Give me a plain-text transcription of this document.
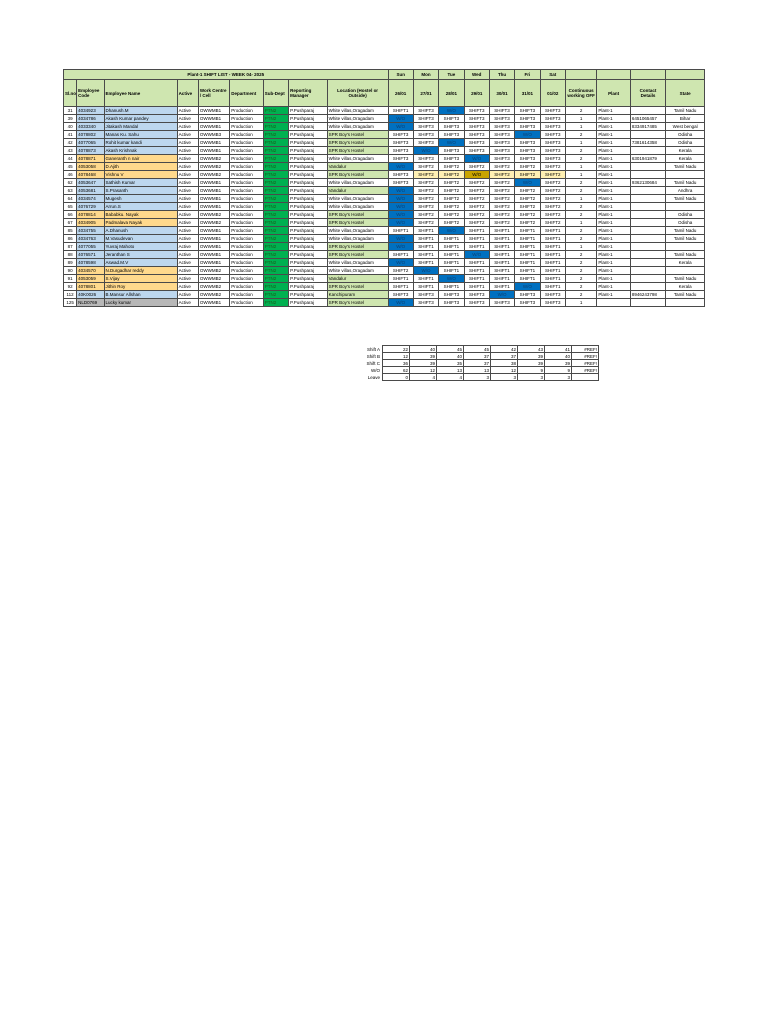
Plant-1 SHIFT LIST - WEEK 04- 2025									Sun	Mon	Tue	Wed	Thu	Fri	Sat				
Sl.no	Employee Code	Employee Name	Active	Work Centre / Cell	Department	Sub-Dept	Reporting Manager	Location (Hostel or Outside)	26/01	27/01	28/01	29/01	30/01	31/01	01/02	Continuous working OFF	Plant	Contact Details	State
31	4034923	Dhanush.M	Active	OWWMB1	Production	PTN2	P.Pushparaj	White villas,Oragadam	SHIFT1	SHIFT3	W/O	SHIFT3	SHIFT3	SHIFT3	SHIFT3	2	Plant-1		Tamil Nadu
39	4034786	Akash Kumar pandey	Active	OWWMB1	Production	PTN2	P.Pushparaj	White villas,Oragadam	W/O	SHIFT3	SHIFT3	SHIFT3	SHIFT3	SHIFT3	SHIFT3	1	Plant-1	6451065457	Bihar
40	4033340	Jitakash Mandal	Active	OWWMB1	Production	PTN2	P.Pushparaj	White villas,Oragadam	W/O	SHIFT3	SHIFT3	SHIFT3	SHIFT3	SHIFT3	SHIFT3	1	Plant-1	8334917485	West bengal
41	4078802	Manas Ku. Sahu	Active	OWWMB3	Production	PTN2	P.Pushparaj	SPR Boy's Hostel	SHIFT3	SHIFT3	SHIFT3	SHIFT3	SHIFT3	W/O	SHIFT3	2	Plant-1		Odisha
42	4077065	Rohit kumar kandi	Active	OWWMB1	Production	PTN2	P.Pushparaj	SPR Boy's Hostel	SHIFT3	SHIFT3	W/O	SHIFT3	SHIFT3	SHIFT3	SHIFT3	1	Plant-1	7381614358	Odisha
43	4078873	Akash Krishnak	Active	OWWMB1	Production	PTN2	P.Pushparaj	SPR Boy's Hostel	SHIFT3	W/O	SHIFT3	SHIFT3	SHIFT3	SHIFT3	SHIFT3	2	Plant-1		Kerala
44	4078871	Ganeranth n nair	Active	OWWMB2	Production	PTN2	P.Pushparaj	White villas,Oragadam	SHIFT3	SHIFT3	SHIFT3	W/O	SHIFT3	SHIFT3	SHIFT3	2	Plant-1	6301941879	Kerala
45	4053058	D.Ajith	Active	OWWMB2	Production	PTN2	P.Pushparaj	Vandalur	W/O	SHIFT2	SHIFT2	SHIFT2	SHIFT2	SHIFT2	SHIFT2	1	Plant-1		Tamil Nadu
46	4078468	Vishnu V	Active	OWWMB2	Production	PTN2	P.Pushparaj	SPR Boy's Hostel	SHIFT3	SHIFT2	SHIFT2	W/O	SHIFT2	SHIFT2	SHIFT2	1	Plant-1		
62	4053647	Sathish Kumar	Active	OWWMB1	Production	PTN2	P.Pushparaj	White villas,Oragadam	SHIFT3	SHIFT2	SHIFT2	SHIFT2	SHIFT2	W/O	SHIFT2	2	Plant-1	9362130684	Tamil Nadu
63	4053681	S.Prasanth	Active	OWWMB1	Production	PTN2	P.Pushparaj	Vandalur	W/O	SHIFT2	SHIFT2	SHIFT2	SHIFT2	SHIFT2	SHIFT2	2	Plant-1		Andhra
64	4034574	Mugesh	Active	OWWMB1	Production	PTN2	P.Pushparaj	White villas,Oragadam	W/O	SHIFT2	SHIFT2	SHIFT2	SHIFT2	SHIFT2	SHIFT2	1	Plant-1		Tamil Nadu
65	4076729	Arrun.S	Active	OWWMB1	Production	PTN2	P.Pushparaj	White villas,Oragadam	W/O	SHIFT2	SHIFT2	SHIFT2	SHIFT2	SHIFT2	SHIFT2	2	Plant-1		
66	4078814	Bababku. Nayak	Active	OWWMB2	Production	PTN2	P.Pushparaj	SPR Boy's Hostel	W/O	SHIFT2	SHIFT2	SHIFT2	SHIFT2	SHIFT2	SHIFT2	2	Plant-1		Odisha
67	4034905	Padmalava Nayak	Active	OWWMB2	Production	PTN2	P.Pushparaj	SPR Boy's Hostel	W/O	SHIFT2	SHIFT2	SHIFT2	SHIFT2	SHIFT2	SHIFT2	1	Plant-1		Odisha
85	4034755	A.Dhanush	Active	OWWMB1	Production	PTN2	P.Pushparaj	White villas,Oragadam	SHIFT1	SHIFT1	W/O	SHIFT1	SHIFT1	SHIFT1	SHIFT1	2	Plant-1		Tamil Nadu
86	4034763	M.Vasudevan	Active	OWWMB1	Production	PTN2	P.Pushparaj	White villas,Oragadam	W/O	SHIFT1	SHIFT1	SHIFT1	SHIFT1	SHIFT1	SHIFT1	2	Plant-1		Tamil Nadu
87	4077055	Yuvraj Mahoto	Active	OWWMB1	Production	PTN2	P.Pushparaj	SPR Boy's Hostel	W/O	SHIFT1	SHIFT1	SHIFT1	SHIFT1	SHIFT1	SHIFT1	1	Plant-1		
88	4076571	Jeranthan S	Active	OWWMB1	Production	PTN2	P.Pushparaj	SPR Boy's Hostel	SHIFT1	SHIFT1	SHIFT1	W/O	SHIFT1	SHIFT1	SHIFT1	2	Plant-1		Tamil Nadu
89	4078598	Aswad.M.V	Active	OWWMB1	Production	PTN2	P.Pushparaj	White villas,Oragadam	W/O	SHIFT1	SHIFT1	SHIFT1	SHIFT1	SHIFT1	SHIFT1	2	Plant-1		Kerala
90	4034570	N.Durgadhar reddy	Active	OWWMB2	Production	PTN2	P.Pushparaj	White villas,Oragadam	SHIFT2	W/O	SHIFT1	SHIFT1	SHIFT1	SHIFT1	SHIFT1	2	Plant-1		
91	4053059	S.Vijay	Active	OWWMB2	Production	PTN2	P.Pushparaj	Vandalur	SHIFT1	SHIFT1	W/O	SHIFT1	SHIFT1	SHIFT1	SHIFT1	2	Plant-1		Tamil Nadu
92	4078801	Jithin Roy	Active	OWWMB2	Production	PTN2	P.Pushparaj	SPR Boy's Hostel	SHIFT1	SHIFT1	SHIFT1	SHIFT1	SHIFT1	W/O	SHIFT1	2	Plant-1		Kerala
112	40K0026	B.Mansur Allshan	Active	OWWMB2	Production	PTN2	P.Pushparaj	Kanchipuram	SHIFT3	SHIFT3	SHIFT3	SHIFT3	W/O	SHIFT3	SHIFT3	2	Plant-1	8946243798	Tamil Nadu
125	NLD0769	Lucky kumar	Active	OWWMB1	Production	PTN2	P.Pushparaj	SPR Boy's Hostel	W/O	SHIFT3	SHIFT3	SHIFT3	SHIFT3	SHIFT3	SHIFT3	1			
Shift A	22	40	45	45	42	43	41	#REF!
Shift B	12	39	40	37	37	39	40	#REF!
Shift C	36	39	35	37	38	39	39	#REF!
W/O	62	12	13	13	12	9	9	#REF!
Leave	0	4	4	3	3	3	3	
